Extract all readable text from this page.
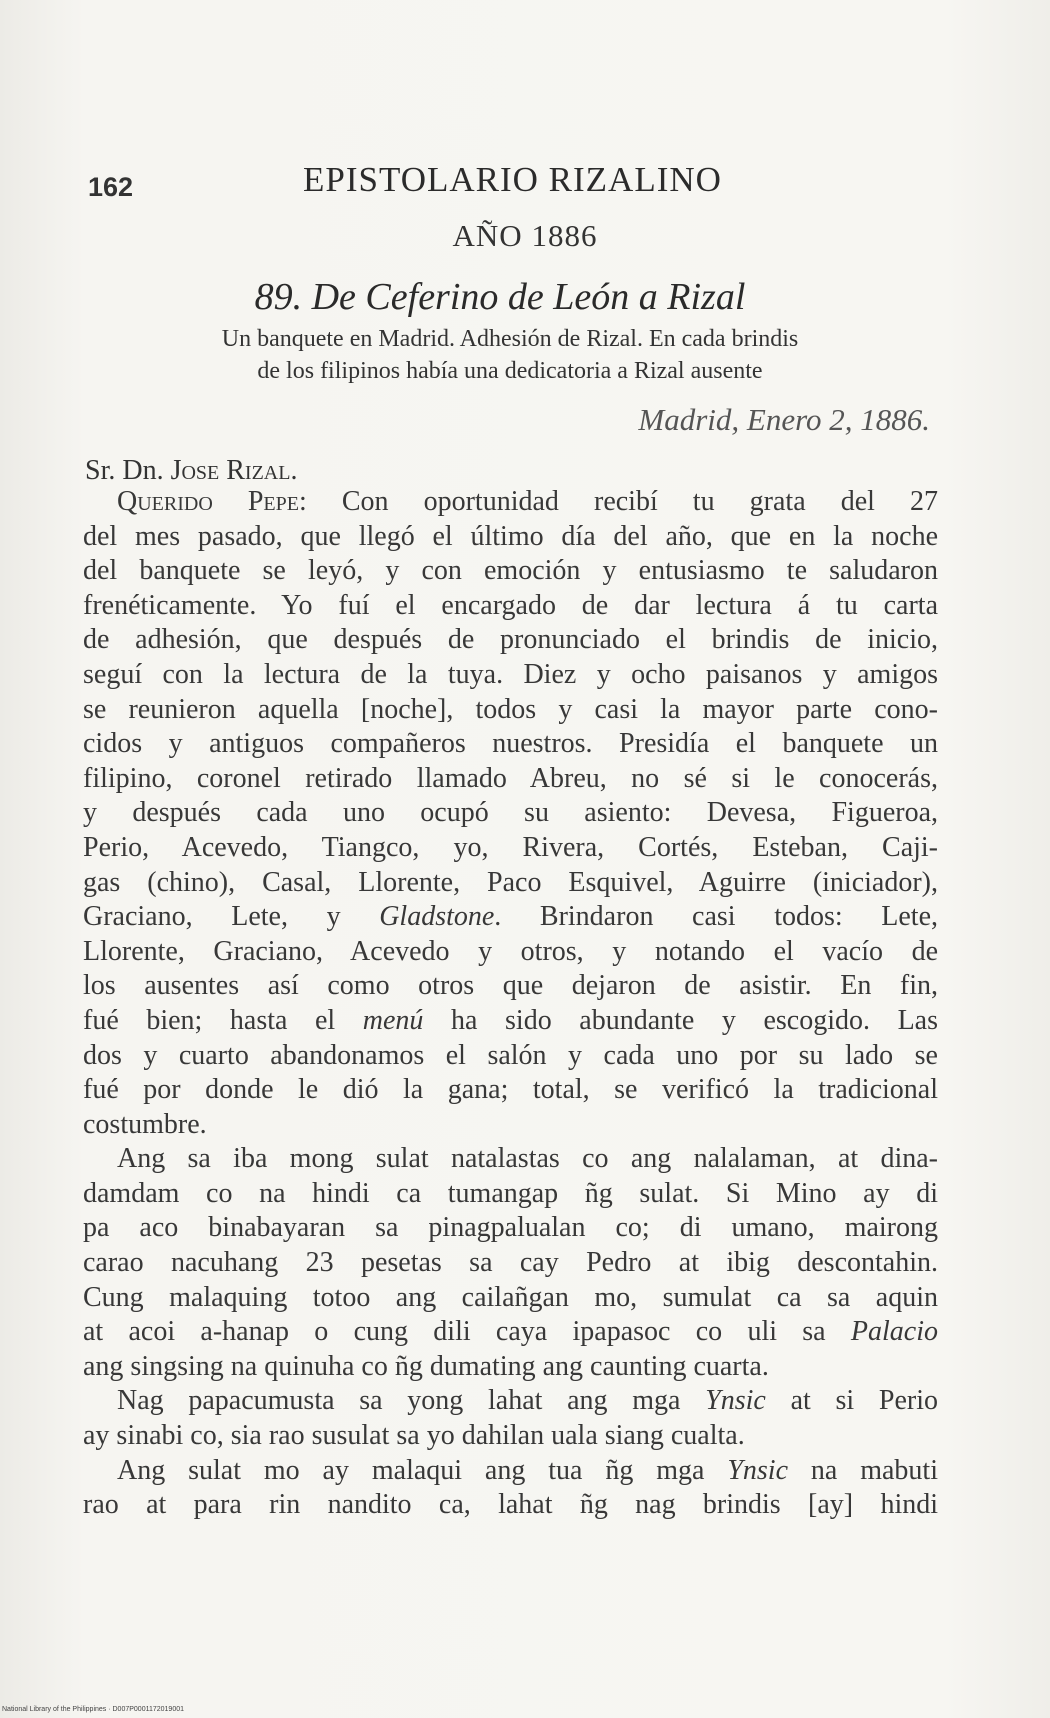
162	EPISTOLARIO RIZALINO
AÑO 1886
89. De Ceferino de León a Rizal
Un banquete en Madrid. Adhesión de Rizal. En cada brindis
de los filipinos había una dedicatoria a Rizal ausente
Madrid, Enero 2, 1886.
Sr. Dn. Jose Rizal.
Querido Pepe: Con oportunidad recibí tu grata del 27
del mes pasado, que llegó el último día del año, que en la noche
del banquete se leyó, y con emoción y entusiasmo te saludaron
frenéticamente. Yo fuí el encargado de dar lectura á tu carta
de adhesión, que después de pronunciado el brindis de inicio,
seguí con la lectura de la tuya. Diez y ocho paisanos y amigos
se reunieron aquella [noche], todos y casi la mayor parte cono-
cidos y antiguos compañeros nuestros. Presidía el banquete un
filipino, coronel retirado llamado Abreu, no sé si le conocerás,
y después cada uno ocupó su asiento: Devesa, Figueroa,
Perio, Acevedo, Tiangco, yo, Rivera, Cortés, Esteban, Caji-
gas (chino), Casal, Llorente, Paco Esquivel, Aguirre (iniciador),
Graciano, Lete, y Gladstone. Brindaron casi todos: Lete,
Llorente, Graciano, Acevedo y otros, y notando el vacío de
los ausentes así como otros que dejaron de asistir. En fin,
fué bien; hasta el menú ha sido abundante y escogido. Las
dos y cuarto abandonamos el salón y cada uno por su lado se
fué por donde le dió la gana; total, se verificó la tradicional
costumbre.
Ang sa iba mong sulat natalastas co ang nalalaman, at dina-
damdam co na hindi ca tumangap ñg sulat. Si Mino ay di
pa aco binabayaran sa pinagpalualan co; di umano, mairong
carao nacuhang 23 pesetas sa cay Pedro at ibig descontahin.
Cung malaquing totoo ang cailañgan mo, sumulat ca sa aquin
at acoi a-hanap o cung dili caya ipapasoc co uli sa Palacio
ang singsing na quinuha co ñg dumating ang caunting cuarta.
Nag papacumusta sa yong lahat ang mga Ynsic at si Perio
ay sinabi co, sia rao susulat sa yo dahilan uala siang cualta.
Ang sulat mo ay malaqui ang tua ñg mga Ynsic na mabuti
rao at para rin nandito ca, lahat ñg nag brindis [ay] hindi
National Library of the Philippines · D007P0001172019001
